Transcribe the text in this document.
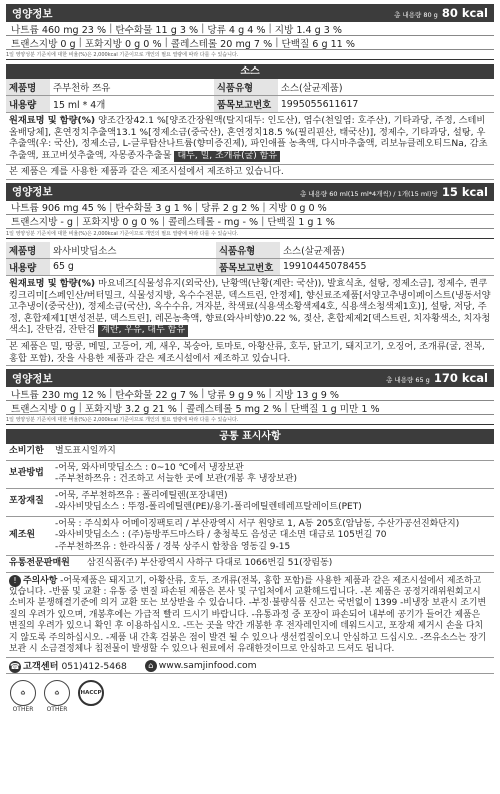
영양정보	총 내용량 80 g 80 kcal
나트륨 460 mg 23 % | 탄수화물 11 g 3 % | 당류 4 g 4 % | 지방 1.4 g 3 %
트랜스지방 0 g | 포화지방 0 g 0 % | 콜레스테롤 20 mg 7 % | 단백질 6 g 11 %
1일 영양성분 기준치에 대한 비율(%)은 2,000kcal 기준이므로 개인의 필요 열량에 따라 다를 수 있습니다.
소스
제품명	주부천하 쯔유	식품유형	소스(살균제품)
내용량	15 ml * 4개	품목보고번호	1995055611617
원재료명 및 함량(%) 양조간장42.1 %[양조간장원액(탈지대두: 인도산), 염수(천일염: 호주산), 기타과당, 주정, 스테비올배당체], 혼연정치추출액13.1 %[정제소금(중국산), 혼연정치18.5 %(필리핀산, 태국산)], 정제수, 기타과당, 설탕, 우추출액(우: 국산), 정제소금, L-글루탐산나트륨(향미증진제), 파인애플 농축액, 다시마추출액, 리보뉴클레오티드Na, 감초추출액, 표고버섯추출액, 자몽종자추출물 대두, 밀, 조개류(굴) 함유
본 제품은 게를 사용한 제품과 같은 제조시설에서 제조하고 있습니다.
영양정보	총 내용량 60 ml(15 ml*4개씩) / 1개(15 ml)당 15 kcal
나트륨 906 mg 45 % | 탄수화물 3 g 1 % | 당류 2 g 2 % | 지방 0 g 0 %
트랜스지방 - g | 포화지방 0 g 0 % | 콜레스테롤 - mg - % | 단백질 1 g 1 %
1일 영양성분 기준치에 대한 비율(%)은 2,000kcal 기준이므로 개인의 필요 열량에 따라 다를 수 있습니다.
제품명	와사비맛딥소스	식품유형	소스(살균제품)
내용량	65 g	품목보고번호	19910445078455
원재료명 및 함량(%) 마요네즈[식물성유지(외국산), 난황액(난황(계란: 국산)), 발효식초, 설탕, 정제소금], 정제수, 퀸쿠킹크리미[스페인산/버터밀크, 식물성지방, 옥수수전분, 덱스트린, 안정제], 향신료조제품[서양고추냉이페이스트(냉동서양고추냉이(중국산)), 정제소금(국산), 옥수수유, 겨자분, 착색료(식용색소황색제4호, 식용색소청색제1호)], 설탕, 저당, 주정, 혼합제제1[변성전분, 덱스트린], 레몬농축액, 향료(와사비향)0.22 %, 젖산, 혼합제제2[덱스트린, 치자황색소, 치자청색소], 잔탄검, 잔탄검 계란, 우유, 대두 함유
본 제품은 밀, 땅콩, 메밀, 고등어, 게, 새우, 복숭아, 토마토, 아황산류, 호두, 닭고기, 돼지고기, 오징어, 조개류(굴, 전복, 홍합 포함), 잣을 사용한 제품과 같은 제조시설에서 제조하고 있습니다.
영양정보	총 내용량 65 g 170 kcal
나트륨 230 mg 12 % | 탄수화물 22 g 7 % | 당류 9 g 9 % | 지방 13 g 9 %
트랜스지방 0 g | 포화지방 3.2 g 21 % | 콜레스테롤 5 mg 2 % | 단백질 1 g 미만 1 %
1일 영양성분 기준치에 대한 비율(%)은 2,000kcal 기준이므로 개인의 필요 열량에 따라 다를 수 있습니다.
공통 표시사항
소비기한	별도표시일까지
보관방법	-어묵, 와사비맛딥소스 : 0~10 ℃에서 냉장보관
-주부천하쯔유 : 건조하고 서늘한 곳에 보관(개봉 후 냉장보관)

포장재질	-어묵, 주부천하쯔유 : 폴리에틸렌(포장내면)
-와사비맛딥소스 : 뚜껑-폴리에틸렌(PE)/용기-폴리에틸렌테레프탈레이트(PET)

제조원	-어묵 : 주식회사 어메이징팩토리 / 부산광역시 서구 원양로 1, A동 205호(암남동, 수산가공선진화단지)
-와사비맛딥소스 : (주)동방푸드마스타 / 충청북도 음성군 대소면 대금로 105번길 70
-주부천하쯔유 : 한라식품 / 경북 상주시 함창읍 영동길 9-15
유통전문판매원	삼진식품(주) 부산광역시 사하구 다대로 1066번길 51(장림동)
! 주의사항 -어묵제품은 돼지고기, 아황산류, 호두, 조개류(전복, 홍합 포함)를 사용한 제품과 같은 제조시설에서 제조하고 있습니다. -반품 및 교환 : 유통 중 변질 파손된 제품은 본사 및 구입처에서 교환해드립니다. -본 제품은 공정거래위원회고시 소비자 분쟁해결기준에 의거 교환 또는 보상받을 수 있습니다. -부정·불량식품 신고는 국번없이 1399 -비냉장 보관시 조기변질의 우려가 있으며, 개봉후에는 가급적 빨리 드시기 바랍니다. -유통과정 중 포장이 파손되어 내부에 공기가 들어간 제품은 변질의 우려가 있으니 확인 후 이용하십시오. -뜨는 곳을 약간 개봉한 후 전자레인지에 데워드시고, 포장재 제거시 손을 다치지 않도록 주의하십시오. -제품 내 간혹 검붉은 점이 발견 될 수 있으나 생선껍질이오니 안심하고 드십시오. -쯔유소스는 장기보관 시 소금결정체나 침전물이 발생할 수 있으나 원료에서 유래한것이므로 안심하고 드셔도 됩니다.
☎ 고객센터 051)412-5468	⌂ www.samjinfood.com
♻
OTHER
♻
OTHER
HACCP
